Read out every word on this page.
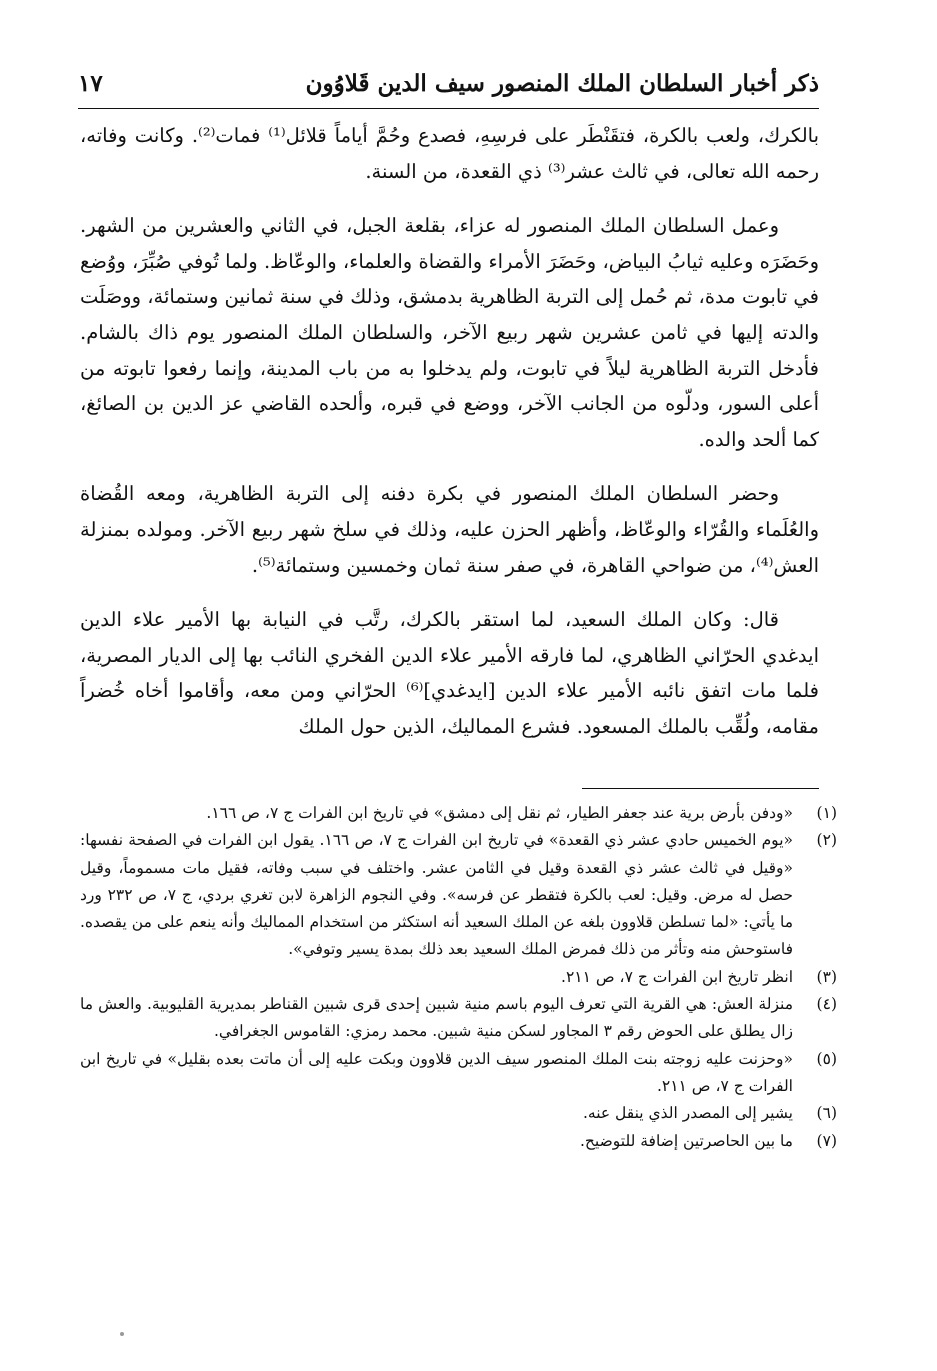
ذكر أخبار السلطان الملك المنصور سيف الدين قَلاوُون
١٧

بالكرك، ولعب بالكرة، فتقَنْطَر على فرسِهِ، فصدع وحُمَّ أياماً قلائل⁽¹⁾ فمات⁽²⁾. وكانت وفاته، رحمه الله تعالى، في ثالث عشر⁽³⁾ ذي القعدة، من السنة.

وعمل السلطان الملك المنصور له عزاء، بقلعة الجبل، في الثاني والعشرين من الشهر. وحَضَرَه وعليه ثيابُ البياض، وحَضَرَ الأمراء والقضاة والعلماء، والوعّاظ. ولما تُوفي صُبِّرَ، ووُضع في تابوت مدة، ثم حُمل إلى التربة الظاهرية بدمشق، وذلك في سنة ثمانين وستمائة، ووصَلَت والدته إليها في ثامن عشرين شهر ربيع الآخر، والسلطان الملك المنصور يوم ذاك بالشام. فأدخل التربة الظاهرية ليلاً في تابوت، ولم يدخلوا به من باب المدينة، وإنما رفعوا تابوته من أعلى السور، ودلّوه من الجانب الآخر، ووضع في قبره، وألحده القاضي عز الدين بن الصائغ، كما ألحد والده.

وحضر السلطان الملك المنصور في بكرة دفنه إلى التربة الظاهرية، ومعه القُضاة والعُلَماء والقُرّاء والوعّاظ، وأظهر الحزن عليه، وذلك في سلخ شهر ربيع الآخر. ومولده بمنزلة العش⁽⁴⁾، من ضواحي القاهرة، في صفر سنة ثمان وخمسين وستمائة⁽⁵⁾.

قال: وكان الملك السعيد، لما استقر بالكرك، رتَّب في النيابة بها الأمير علاء الدين ايدغدي الحرّاني الظاهري، لما فارقه الأمير علاء الدين الفخري النائب بها إلى الديار المصرية، فلما مات اتفق نائبه الأمير علاء الدين [ايدغدي]⁽⁶⁾ الحرّاني ومن معه، وأقاموا أخاه خُضراً مقامه، ولُقِّب بالملك المسعود. فشرع المماليك، الذين حول الملك

(١)
«ودفن بأرض برية عند جعفر الطيار، ثم نقل إلى دمشق» في تاريخ ابن الفرات ج ٧، ص ١٦٦.
(٢)
«يوم الخميس حادي عشر ذي القعدة» في تاريخ ابن الفرات ج ٧، ص ١٦٦. يقول ابن الفرات في الصفحة نفسها: «وقيل في ثالث عشر ذي القعدة وقيل في الثامن عشر. واختلف في سبب وفاته، فقيل مات مسموماً، وقيل حصل له مرض. وقيل: لعب بالكرة فتقطر عن فرسه». وفي النجوم الزاهرة لابن تغري بردي، ج ٧، ص ٢٣٢ ورد ما يأتي: «لما تسلطن قلاوون بلغه عن الملك السعيد أنه استكثر من استخدام المماليك وأنه ينعم على من يقصده. فاستوحش منه وتأثر من ذلك فمرض الملك السعيد بعد ذلك بمدة يسير وتوفي».
(٣)
انظر تاريخ ابن الفرات ج ٧، ص ٢١١.
(٤)
منزلة العش: هي القرية التي تعرف اليوم باسم منية شبين إحدى قرى شبين القناطر بمديرية القليوبية. والعش ما زال يطلق على الحوض رقم ٣ المجاور لسكن منية شبين. محمد رمزي: القاموس الجغرافي.
(٥)
«وحزنت عليه زوجته بنت الملك المنصور سيف الدين قلاوون وبكت عليه إلى أن ماتت بعده بقليل» في تاريخ ابن الفرات ج ٧، ص ٢١١.
(٦)
يشير إلى المصدر الذي ينقل عنه.
(٧)
ما بين الحاصرتين إضافة للتوضيح.
